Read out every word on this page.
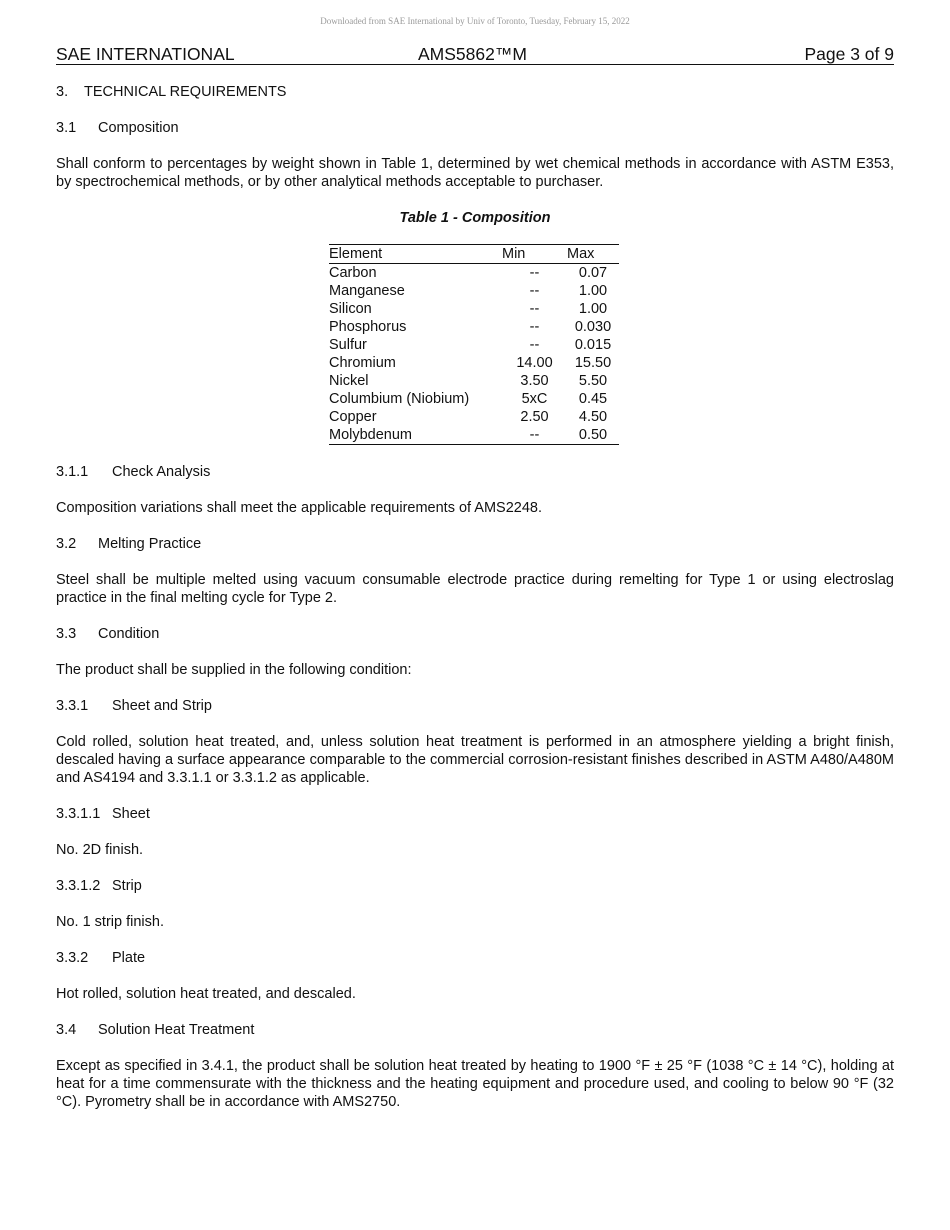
Downloaded from SAE International by Univ of Toronto, Tuesday, February 15, 2022
SAE INTERNATIONAL	AMS5862™M	Page 3 of 9
3. TECHNICAL REQUIREMENTS
3.1 Composition

Shall conform to percentages by weight shown in Table 1, determined by wet chemical methods in accordance with ASTM E353, by spectrochemical methods, or by other analytical methods acceptable to purchaser.

Table 1 - Composition
Element	Min	Max
Carbon	--	0.07
Manganese	--	1.00
Silicon	--	1.00
Phosphorus	--	0.030
Sulfur	--	0.015
Chromium	14.00	15.50
Nickel	3.50	5.50
Columbium (Niobium)	5xC	0.45
Copper	2.50	4.50
Molybdenum	--	0.50
3.1.1 Check Analysis

Composition variations shall meet the applicable requirements of AMS2248.

3.2 Melting Practice

Steel shall be multiple melted using vacuum consumable electrode practice during remelting for Type 1 or using electroslag practice in the final melting cycle for Type 2.

3.3 Condition

The product shall be supplied in the following condition:

3.3.1 Sheet and Strip

Cold rolled, solution heat treated, and, unless solution heat treatment is performed in an atmosphere yielding a bright finish, descaled having a surface appearance comparable to the commercial corrosion-resistant finishes described in ASTM A480/A480M and AS4194 and 3.3.1.1 or 3.3.1.2 as applicable.

3.3.1.1 Sheet

No. 2D finish.

3.3.1.2 Strip

No. 1 strip finish.

3.3.2 Plate

Hot rolled, solution heat treated, and descaled.

3.4 Solution Heat Treatment

Except as specified in 3.4.1, the product shall be solution heat treated by heating to 1900 °F ± 25 °F (1038 °C ± 14 °C), holding at heat for a time commensurate with the thickness and the heating equipment and procedure used, and cooling to below 90 °F (32 °C). Pyrometry shall be in accordance with AMS2750.
